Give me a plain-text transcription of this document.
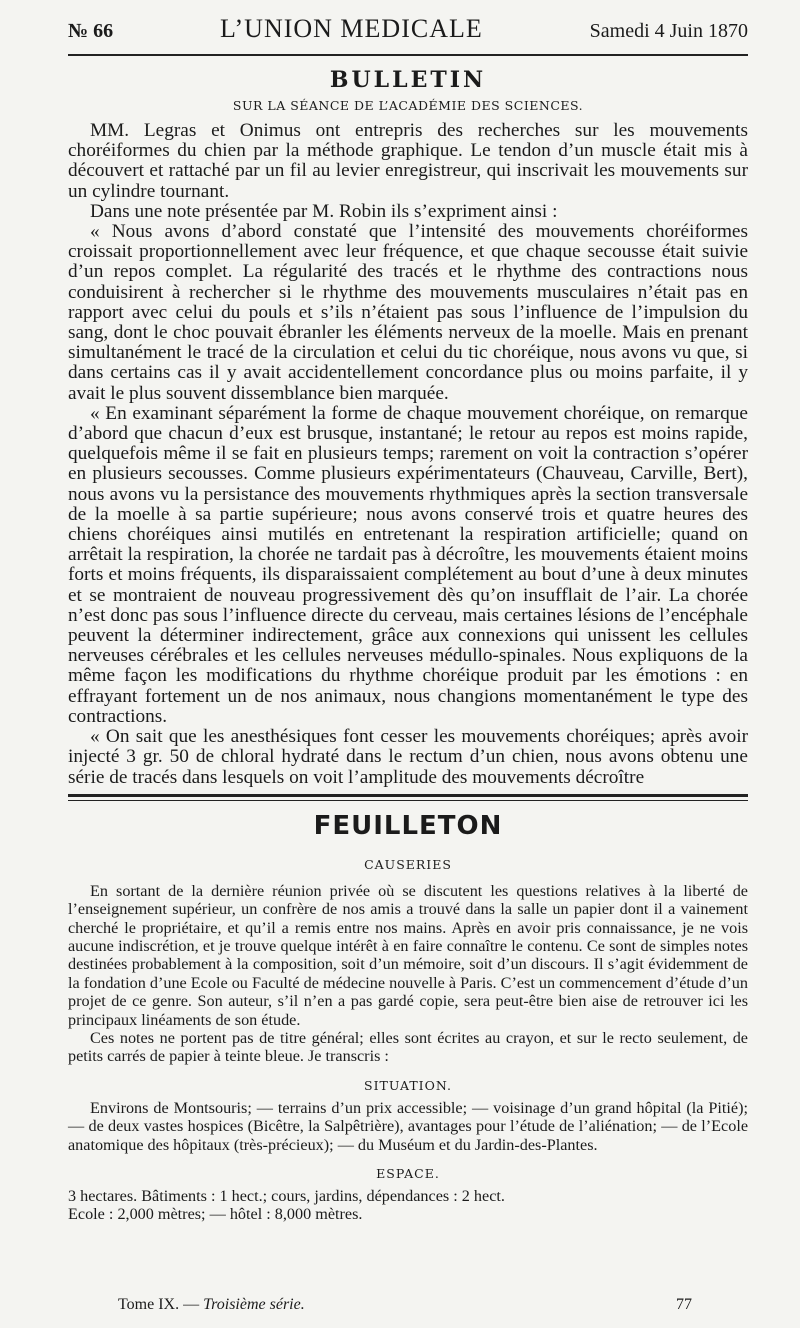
№ 66	L’UNION MEDICALE	Samedi 4 Juin 1870
BULLETIN
SUR LA SÉANCE DE L’ACADÉMIE DES SCIENCES.

MM. Legras et Onimus ont entrepris des recherches sur les mouvements choréiformes du chien par la méthode graphique. Le tendon d’un muscle était mis à découvert et rattaché par un fil au levier enregistreur, qui inscrivait les mouvements sur un cylindre tournant.

Dans une note présentée par M. Robin ils s’expriment ainsi :

« Nous avons d’abord constaté que l’intensité des mouvements choréiformes croissait proportionnellement avec leur fréquence, et que chaque secousse était suivie d’un repos complet. La régularité des tracés et le rhythme des contractions nous conduisirent à rechercher si le rhythme des mouvements musculaires n’était pas en rapport avec celui du pouls et s’ils n’étaient pas sous l’influence de l’impulsion du sang, dont le choc pouvait ébranler les éléments nerveux de la moelle. Mais en prenant simultanément le tracé de la circulation et celui du tic choréique, nous avons vu que, si dans certains cas il y avait accidentellement concordance plus ou moins parfaite, il y avait le plus souvent dissemblance bien marquée.

« En examinant séparément la forme de chaque mouvement choréique, on remarque d’abord que chacun d’eux est brusque, instantané; le retour au repos est moins rapide, quelquefois même il se fait en plusieurs temps; rarement on voit la contraction s’opérer en plusieurs secousses. Comme plusieurs expérimentateurs (Chauveau, Carville, Bert), nous avons vu la persistance des mouvements rhythmiques après la section transversale de la moelle à sa partie supérieure; nous avons conservé trois et quatre heures des chiens choréiques ainsi mutilés en entretenant la respiration artificielle; quand on arrêtait la respiration, la chorée ne tardait pas à décroître, les mouvements étaient moins forts et moins fréquents, ils disparaissaient complétement au bout d’une à deux minutes et se montraient de nouveau progressivement dès qu’on insufflait de l’air. La chorée n’est donc pas sous l’influence directe du cerveau, mais certaines lésions de l’encéphale peuvent la déterminer indirectement, grâce aux connexions qui unissent les cellules nerveuses cérébrales et les cellules nerveuses médullo-spinales. Nous expliquons de la même façon les modifications du rhythme choréique produit par les émotions : en effrayant fortement un de nos animaux, nous changions momentanément le type des contractions.

« On sait que les anesthésiques font cesser les mouvements choréiques; après avoir injecté 3 gr. 50 de chloral hydraté dans le rectum d’un chien, nous avons obtenu une série de tracés dans lesquels on voit l’amplitude des mouvements décroître

FEUILLETON
CAUSERIES

En sortant de la dernière réunion privée où se discutent les questions relatives à la liberté de l’enseignement supérieur, un confrère de nos amis a trouvé dans la salle un papier dont il a vainement cherché le propriétaire, et qu’il a remis entre nos mains. Après en avoir pris connaissance, je ne vois aucune indiscrétion, et je trouve quelque intérêt à en faire connaître le contenu. Ce sont de simples notes destinées probablement à la composition, soit d’un mémoire, soit d’un discours. Il s’agit évidemment de la fondation d’une Ecole ou Faculté de médecine nouvelle à Paris. C’est un commencement d’étude d’un projet de ce genre. Son auteur, s’il n’en a pas gardé copie, sera peut-être bien aise de retrouver ici les principaux linéaments de son étude.

Ces notes ne portent pas de titre général; elles sont écrites au crayon, et sur le recto seulement, de petits carrés de papier à teinte bleue. Je transcris :

SITUATION.

Environs de Montsouris; — terrains d’un prix accessible; — voisinage d’un grand hôpital (la Pitié); — de deux vastes hospices (Bicêtre, la Salpêtrière), avantages pour l’étude de l’aliénation; — de l’Ecole anatomique des hôpitaux (très-précieux); — du Muséum et du Jardin-des-Plantes.

ESPACE.

3 hectares. Bâtiments : 1 hect.; cours, jardins, dépendances : 2 hect.

Ecole : 2,000 mètres; — hôtel : 8,000 mètres.

Tome IX. — Troisième série.	77
